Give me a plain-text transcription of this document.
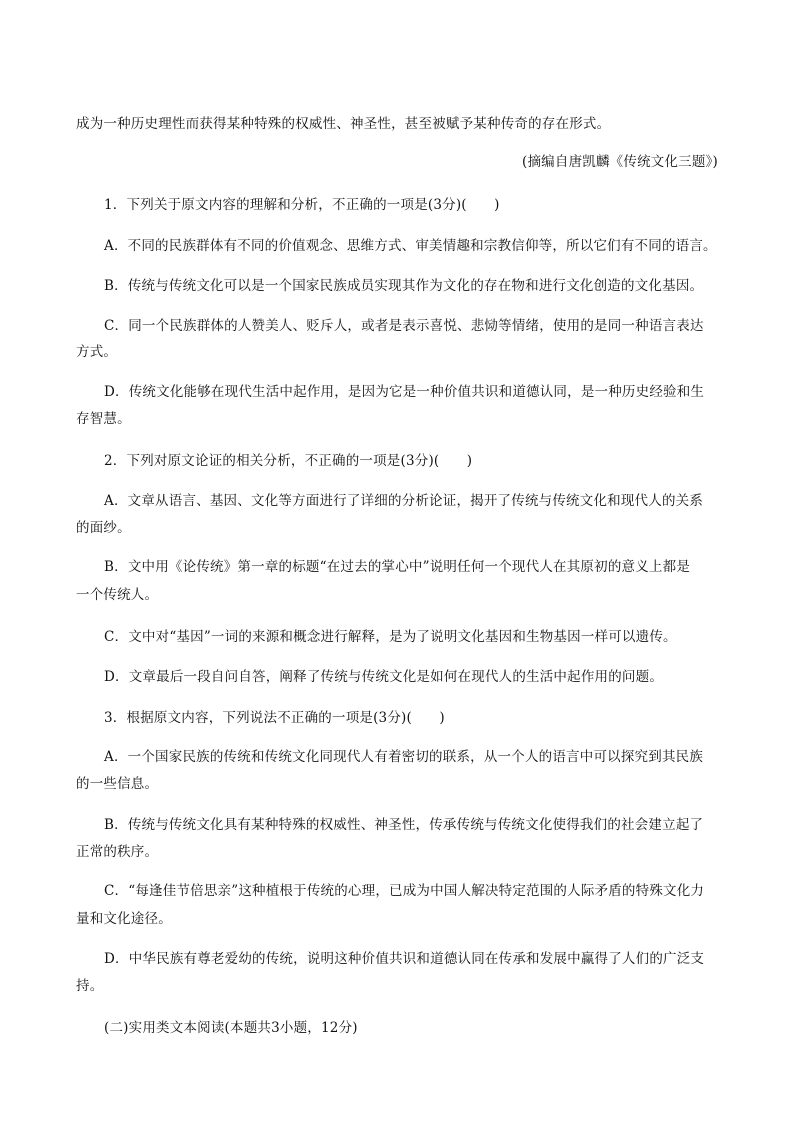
成为一种历史理性而获得某种特殊的权威性、神圣性，甚至被赋予某种传奇的存在形式。
(摘编自唐凯麟《传统文化三题》)
1．下列关于原文内容的理解和分析，不正确的一项是(3分)(　　)
A．不同的民族群体有不同的价值观念、思维方式、审美情趣和宗教信仰等，所以它们有不同的语言。
B．传统与传统文化可以是一个国家民族成员实现其作为文化的存在物和进行文化创造的文化基因。
C．同一个民族群体的人赞美人、贬斥人，或者是表示喜悦、悲恸等情绪，使用的是同一种语言表达
方式。
D．传统文化能够在现代生活中起作用，是因为它是一种价值共识和道德认同，是一种历史经验和生
存智慧。
2．下列对原文论证的相关分析，不正确的一项是(3分)(　　)
A．文章从语言、基因、文化等方面进行了详细的分析论证，揭开了传统与传统文化和现代人的关系
的面纱。
B．文中用《论传统》第一章的标题“在过去的掌心中”说明任何一个现代人在其原初的意义上都是
一个传统人。
C．文中对“基因”一词的来源和概念进行解释，是为了说明文化基因和生物基因一样可以遗传。
D．文章最后一段自问自答，阐释了传统与传统文化是如何在现代人的生活中起作用的问题。
3．根据原文内容，下列说法不正确的一项是(3分)(　　)
A．一个国家民族的传统和传统文化同现代人有着密切的联系，从一个人的语言中可以探究到其民族
的一些信息。
B．传统与传统文化具有某种特殊的权威性、神圣性，传承传统与传统文化使得我们的社会建立起了
正常的秩序。
C．“每逢佳节倍思亲”这种植根于传统的心理，已成为中国人解决特定范围的人际矛盾的特殊文化力
量和文化途径。
D．中华民族有尊老爱幼的传统，说明这种价值共识和道德认同在传承和发展中赢得了人们的广泛支
持。
(二)实用类文本阅读(本题共3小题，12分)
